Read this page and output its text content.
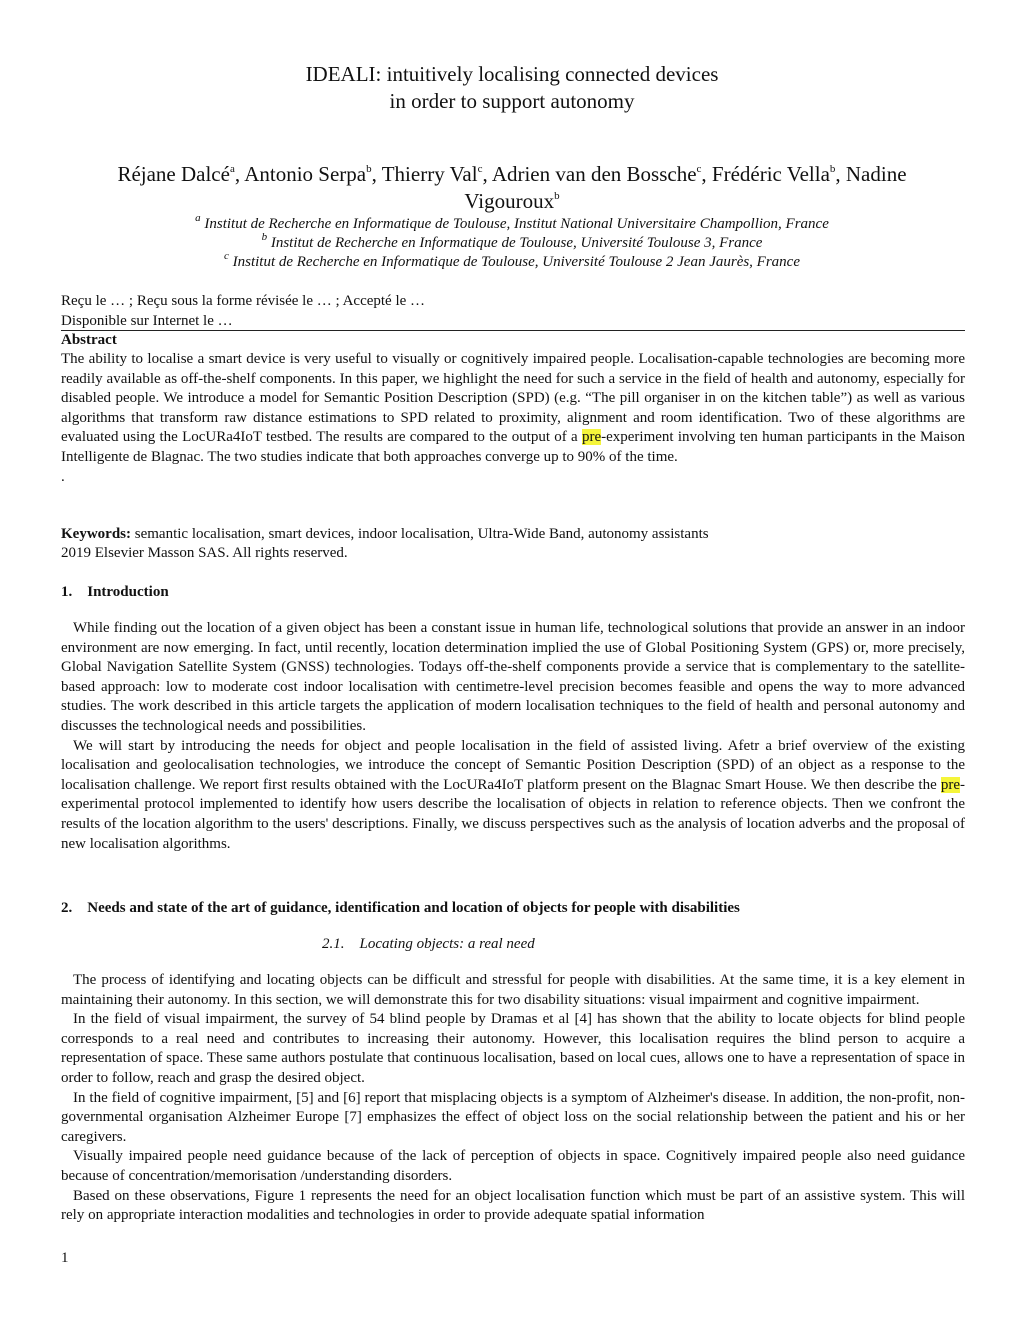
IDEALI: intuitively localising connected devices
in order to support autonomy
Réjane Dalcé$^a$, Antonio Serpa$^b$, Thierry Val$^c$, Adrien van den Bossche$^c$, Frédéric Vella$^b$, Nadine
Vigouroux$^b$
$^a$ Institut de Recherche en Informatique de Toulouse, Institut National Universitaire Champollion, France
$^b$ Institut de Recherche en Informatique de Toulouse, Université Toulouse 3, France
$^c$ Institut de Recherche en Informatique de Toulouse, Université Toulouse 2 Jean Jaurès, France
Reçu le … ; Reçu sous la forme révisée le … ; Accepté le …
Disponible sur Internet le …
Abstract
The ability to localise a smart device is very useful to visually or cognitively impaired people. Localisation-capable technologies are becoming more readily available as off-the-shelf components. In this paper, we highlight the need for such a service in the field of health and autonomy, especially for disabled people. We introduce a model for Semantic Position Description (SPD) (e.g. “The pill organiser in on the kitchen table”) as well as various algorithms that transform raw distance estimations to SPD related to proximity, alignment and room identification. Two of these algorithms are evaluated using the LocURa4IoT testbed. The results are compared to the output of a pre-experiment involving ten human participants in the Maison Intelligente de Blagnac. The two studies indicate that both approaches converge up to 90% of the time.
.
Keywords: semantic localisation, smart devices, indoor localisation, Ultra-Wide Band, autonomy assistants
2019 Elsevier Masson SAS. All rights reserved.
1.    Introduction
While finding out the location of a given object has been a constant issue in human life, technological solutions that provide an answer in an indoor environment are now emerging. In fact, until recently, location determination implied the use of Global Positioning System (GPS) or, more precisely, Global Navigation Satellite System (GNSS) technologies. Todays off-the-shelf components provide a service that is complementary to the satellite-based approach: low to moderate cost indoor localisation with centimetre-level precision becomes feasible and opens the way to more advanced studies. The work described in this article targets the application of modern localisation techniques to the field of health and personal autonomy and discusses the technological needs and possibilities.
We will start by introducing the needs for object and people localisation in the field of assisted living. Afetr a brief overview of the existing localisation and geolocalisation technologies, we introduce the concept of Semantic Position Description (SPD) of an object as a response to the localisation challenge. We report first results obtained with the LocURa4IoT platform present on the Blagnac Smart House. We then describe the pre-experimental protocol implemented to identify how users describe the localisation of objects in relation to reference objects. Then we confront the results of the location algorithm to the users' descriptions. Finally, we discuss perspectives such as the analysis of location adverbs and the proposal of new localisation algorithms.
2.    Needs and state of the art of guidance, identification and location of objects for people with disabilities
2.1.    Locating objects: a real need
The process of identifying and locating objects can be difficult and stressful for people with disabilities. At the same time, it is a key element in maintaining their autonomy. In this section, we will demonstrate this for two disability situations: visual impairment and cognitive impairment.
In the field of visual impairment, the survey of 54 blind people by Dramas et al [4] has shown that the ability to locate objects for blind people corresponds to a real need and contributes to increasing their autonomy. However, this localisation requires the blind person to acquire a representation of space. These same authors postulate that continuous localisation, based on local cues, allows one to have a representation of space in order to follow, reach and grasp the desired object.
In the field of cognitive impairment, [5] and [6] report that misplacing objects is a symptom of Alzheimer's disease. In addition, the non-profit, non-governmental organisation Alzheimer Europe [7] emphasizes the effect of object loss on the social relationship between the patient and his or her caregivers.
Visually impaired people need guidance because of the lack of perception of objects in space. Cognitively impaired people also need guidance because of concentration/memorisation /understanding disorders.
Based on these observations, Figure 1 represents the need for an object localisation function which must be part of an assistive system. This will rely on appropriate interaction modalities and technologies in order to provide adequate spatial information
1
